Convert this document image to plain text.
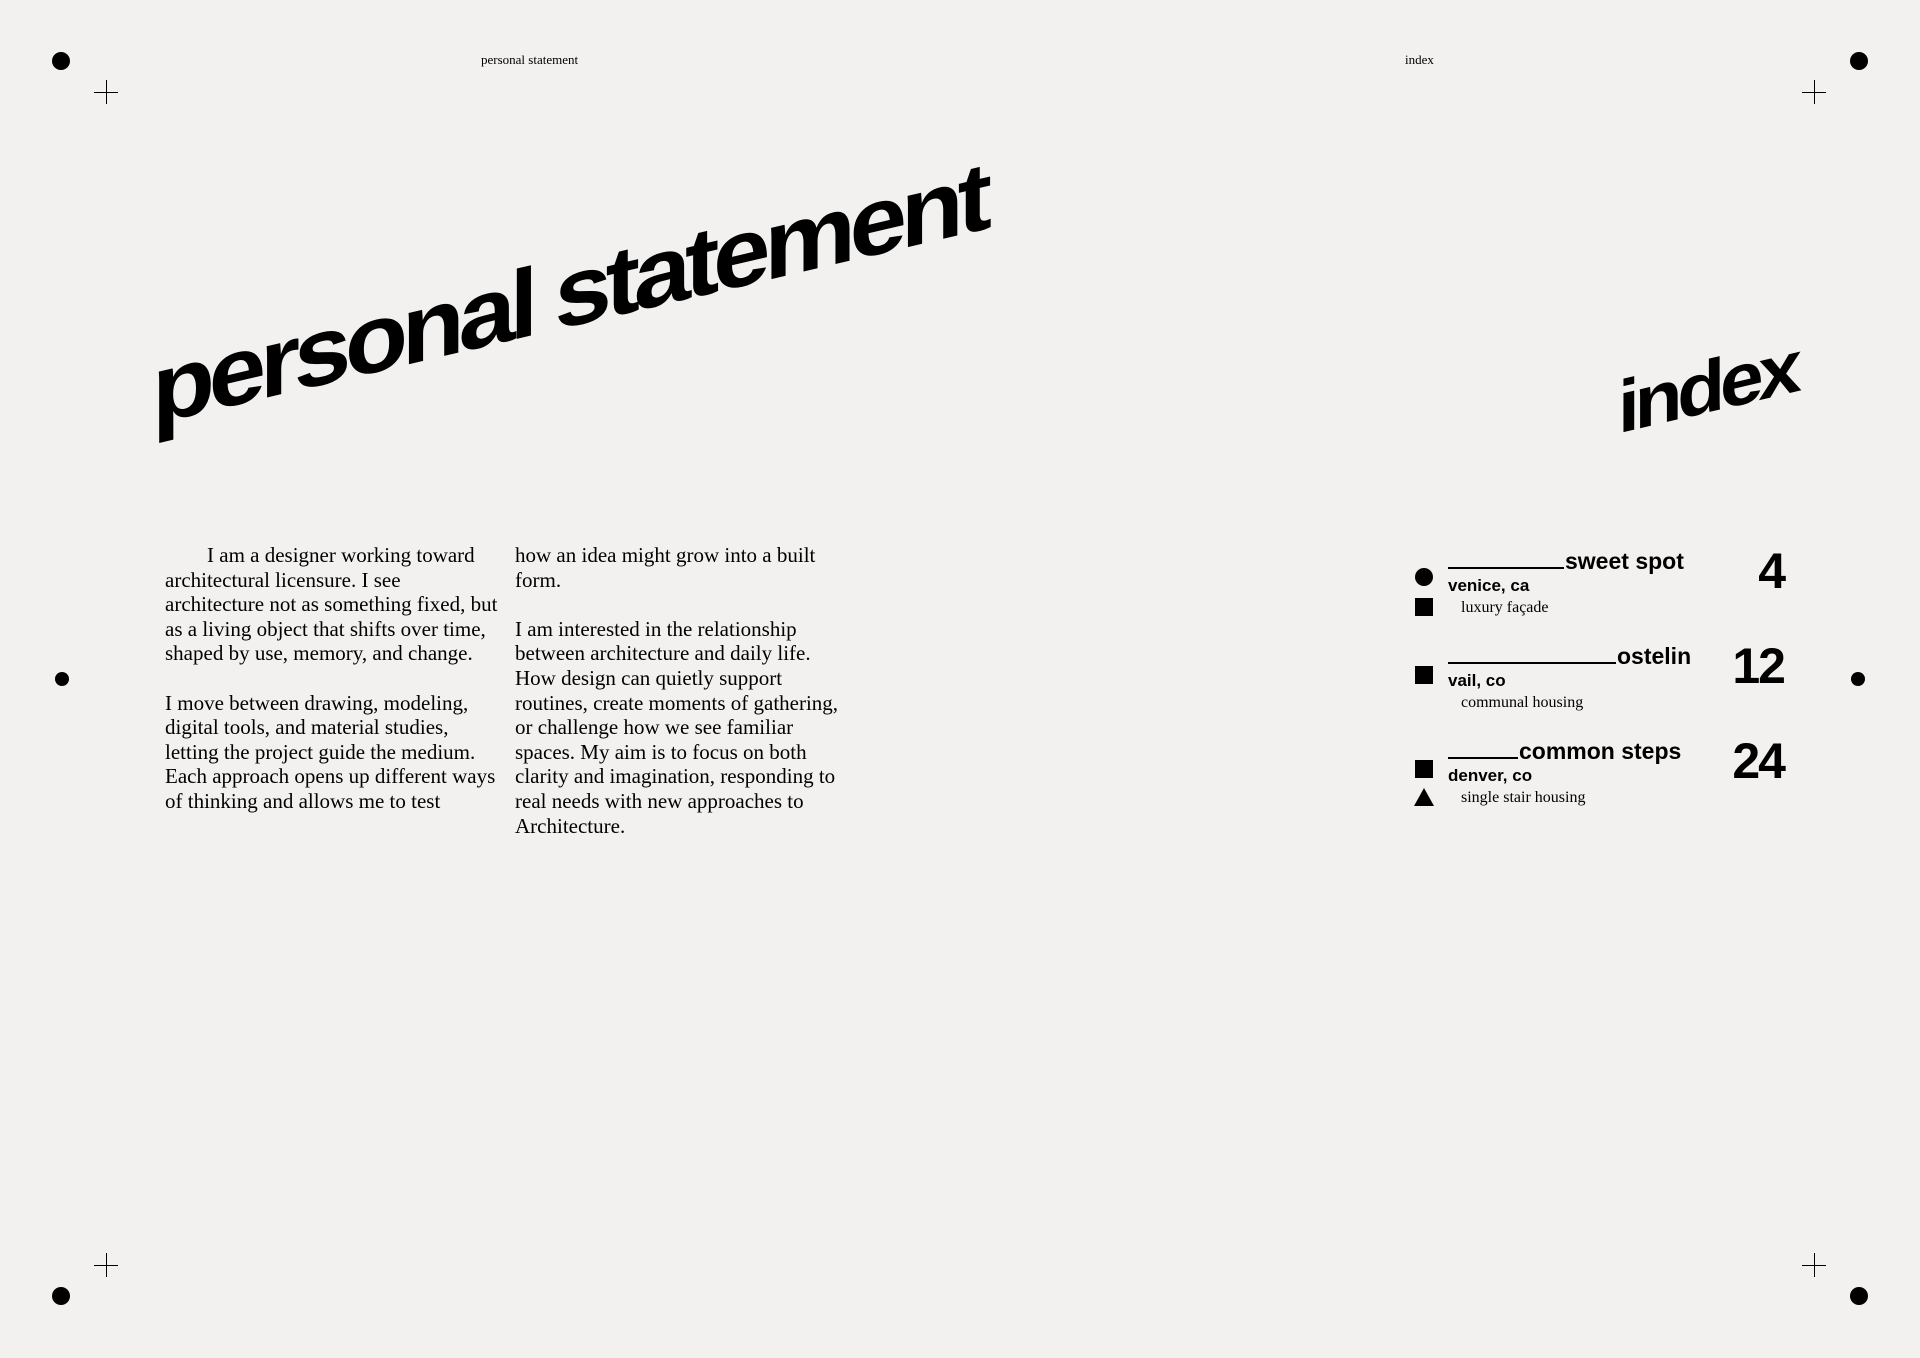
personal statement	index
personal statement	index

I am a designer working toward architectural licensure. I see architecture not as something fixed, but as a living object that shifts over time, shaped by use, memory, and change.

I move between drawing, modeling, digital tools, and material studies, letting the project guide the medium. Each approach opens up different ways of thinking and allows me to test

how an idea might grow into a built form.

I am interested in the relationship between architecture and daily life. How design can quietly support routines, create moments of gathering, or challenge how we see familiar spaces. My aim is to focus on both clarity and imagination, responding to real needs with new approaches to Architecture.

sweet spot
venice, ca
luxury façade
4
ostelin
vail, co
communal housing
12
common steps
denver, co
single stair housing
24
